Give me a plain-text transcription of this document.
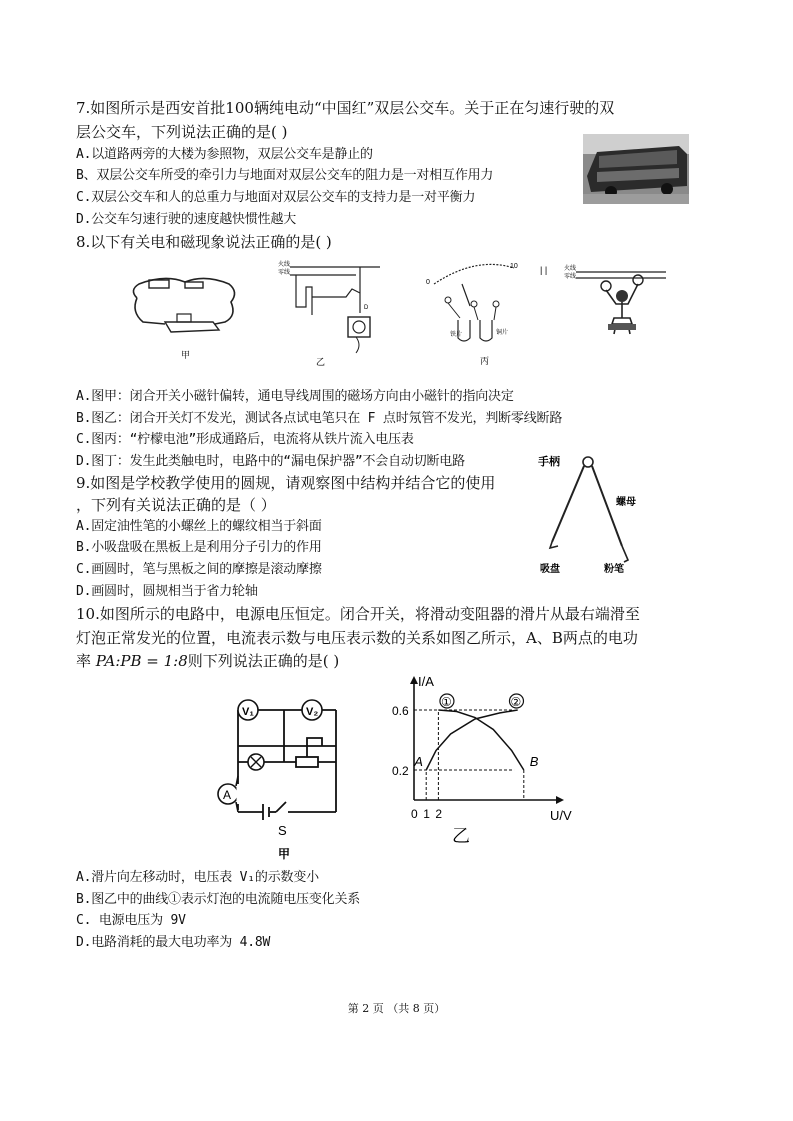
7.如图所示是西安首批100辆纯电动“中国红”双层公交车。关于正在匀速行驶的双
层公交车，下列说法正确的是( )
A.以道路两旁的大楼为参照物，双层公交车是静止的
B、双层公交车所受的牵引力与地面对双层公交车的阻力是一对相互作用力
C.双层公交车和人的总重力与地面对双层公交车的支持力是一对平衡力
D.公交车匀速行驶的速度越快惯性越大
8.以下有关电和磁现象说法正确的是( )
甲
火线
零线
D
乙
0
10
铁片	铜片
丙
| |	火线
零线
A.图甲：闭合开关小磁针偏转，通电导线周围的磁场方向由小磁针的指向决定
B.图乙：闭合开关灯不发光，测试各点试电笔只在 F 点时氖管不发光，判断零线断路
C.图丙：“柠檬电池”形成通路后，电流将从铁片流入电压表
D.图丁：发生此类触电时，电路中的“漏电保护器”不会自动切断电路
9.如图是学校教学使用的圆规，请观察图中结构并结合它的使用
，下列有关说法正确的是（ ）
A.固定油性笔的小螺丝上的螺纹相当于斜面
B.小吸盘吸在黑板上是利用分子引力的作用
C.画圆时，笔与黑板之间的摩擦是滚动摩擦
D.画圆时，圆规相当于省力轮轴
手柄
螺母
吸盘	粉笔
10.如图所示的电路中，电源电压恒定。闭合开关，将滑动变阻器的滑片从最右端滑至
灯泡正常发光的位置，电流表示数与电压表示数的关系如图乙所示，A、B两点的电功
率 PA:PB = 1:8则下列说法正确的是( )
V₁	V₂
A
S
甲
I/A
U/V
0.2
0.6
0 1 2
①	②
A	B
乙
A.滑片向左移动时，电压表 V₁的示数变小
B.图乙中的曲线①表示灯泡的电流随电压变化关系
C. 电源电压为 9V
D.电路消耗的最大电功率为 4.8W
第 2 页 （共 8 页）
